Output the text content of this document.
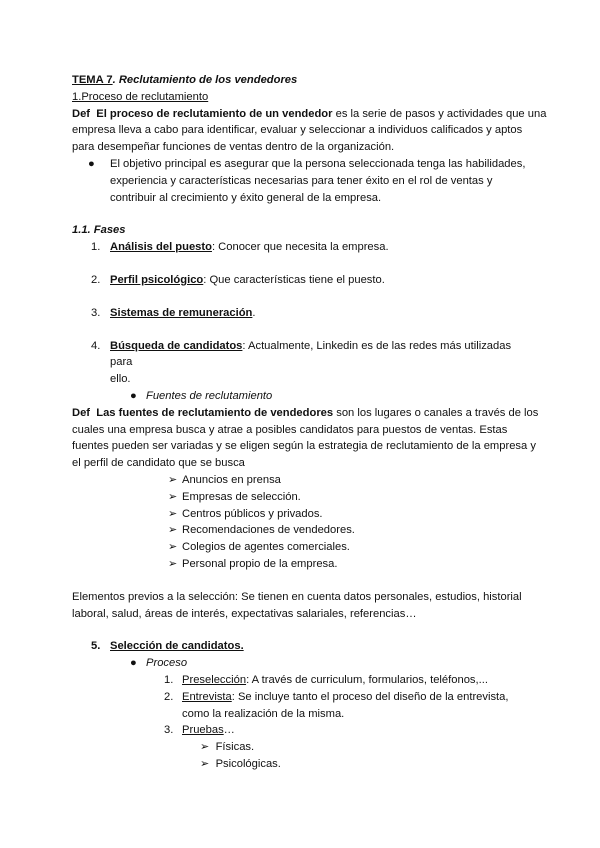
TEMA 7. Reclutamiento de los vendedores
1.Proceso de reclutamiento
Def El proceso de reclutamiento de un vendedor es la serie de pasos y actividades que una
empresa lleva a cabo para identificar, evaluar y seleccionar a individuos calificados y aptos
para desempeñar funciones de ventas dentro de la organización.
● El objetivo principal es asegurar que la persona seleccionada tenga las habilidades,
experiencia y características necesarias para tener éxito en el rol de ventas y
contribuir al crecimiento y éxito general de la empresa.
1.1. Fases
1. Análisis del puesto: Conocer que necesita la empresa.
2. Perfil psicológico: Que características tiene el puesto.
3. Sistemas de remuneración.
4. Búsqueda de candidatos: Actualmente, Linkedin es de las redes más utilizadas para
ello.
● Fuentes de reclutamiento
Def Las fuentes de reclutamiento de vendedores son los lugares o canales a través de los
cuales una empresa busca y atrae a posibles candidatos para puestos de ventas. Estas
fuentes pueden ser variadas y se eligen según la estrategia de reclutamiento de la empresa y
el perfil de candidato que se busca
➢ Anuncios en prensa
➢ Empresas de selección.
➢ Centros públicos y privados.
➢ Recomendaciones de vendedores.
➢ Colegios de agentes comerciales.
➢ Personal propio de la empresa.
Elementos previos a la selección: Se tienen en cuenta datos personales, estudios, historial
laboral, salud, áreas de interés, expectativas salariales, referencias…
5. Selección de candidatos.
● Proceso
1. Preselección: A través de curriculum, formularios, teléfonos,...
2. Entrevista: Se incluye tanto el proceso del diseño de la entrevista,
como la realización de la misma.
3. Pruebas…
➢ Físicas.
➢ Psicológicas.
